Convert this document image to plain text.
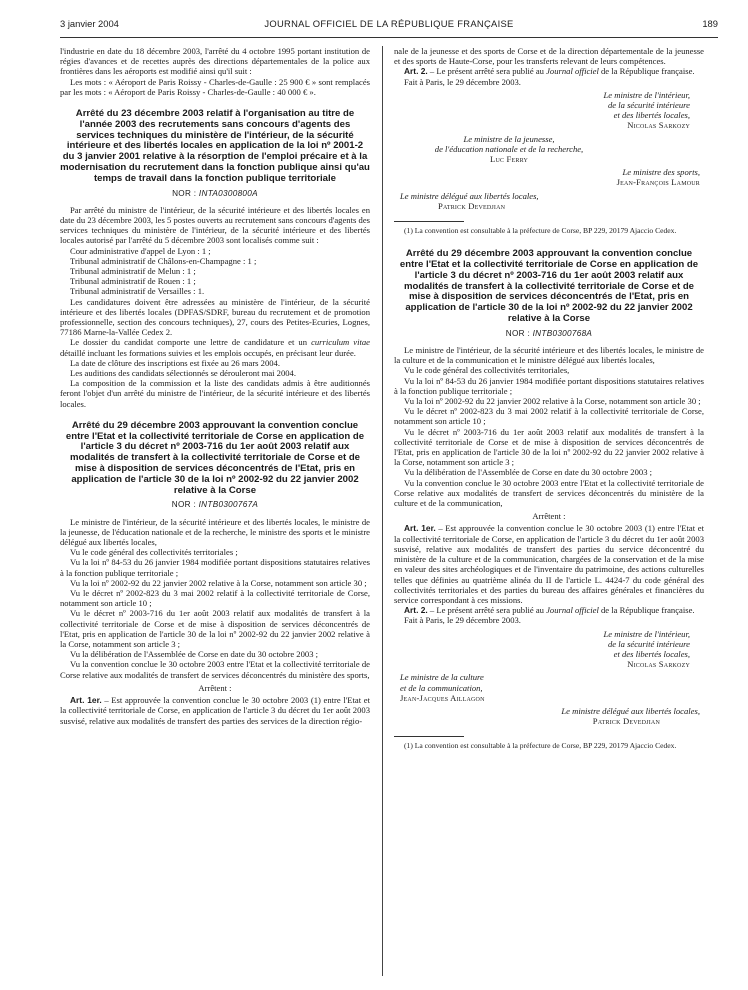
3 janvier 2004	JOURNAL OFFICIEL DE LA RÉPUBLIQUE FRANÇAISE	189

l'industrie en date du 18 décembre 2003, l'arrêté du 4 octobre 1995 portant institution de régies d'avances et de recettes auprès des directions départementales de la police aux frontières dans les aéroports est modifié ainsi qu'il suit :

Les mots : « Aéroport de Paris Roissy - Charles-de-Gaulle : 25 900 € » sont remplacés par les mots : « Aéroport de Paris Roissy - Charles-de-Gaulle : 40 000 € ».

Arrêté du 23 décembre 2003 relatif à l'organisation au titre de l'année 2003 des recrutements sans concours d'agents des services techniques du ministère de l'intérieur, de la sécurité intérieure et des libertés locales en application de la loi nº 2001-2 du 3 janvier 2001 relative à la résorption de l'emploi précaire et à la modernisation du recrutement dans la fonction publique ainsi qu'au temps de travail dans la fonction publique territoriale
NOR : INTA0300800A

Par arrêté du ministre de l'intérieur, de la sécurité intérieure et des libertés locales en date du 23 décembre 2003, les 5 postes ouverts au recrutement sans concours d'agents des services techniques du ministère de l'intérieur, de la sécurité intérieure et des libertés locales autorisé par l'arrêté du 5 décembre 2003 sont localisés comme suit :

Cour administrative d'appel de Lyon : 1 ;

Tribunal administratif de Châlons-en-Champagne : 1 ;

Tribunal administratif de Melun : 1 ;

Tribunal administratif de Rouen : 1 ;

Tribunal administratif de Versailles : 1.

Les candidatures doivent être adressées au ministère de l'intérieur, de la sécurité intérieure et des libertés locales (DPFAS/SDRF, bureau du recrutement et de promotion professionnelle, section des concours techniques), 27, cours des Petites-Ecuries, Lognes, 77186 Marne-la-Vallée Cedex 2.

Le dossier du candidat comporte une lettre de candidature et un curriculum vitae détaillé incluant les formations suivies et les emplois occupés, en précisant leur durée.

La date de clôture des inscriptions est fixée au 26 mars 2004.

Les auditions des candidats sélectionnés se dérouleront mai 2004.

La composition de la commission et la liste des candidats admis à être auditionnés feront l'objet d'un arrêté du ministre de l'intérieur, de la sécurité intérieure et des libertés locales.

Arrêté du 29 décembre 2003 approuvant la convention conclue entre l'Etat et la collectivité territoriale de Corse en application de l'article 3 du décret nº 2003-716 du 1er août 2003 relatif aux modalités de transfert à la collectivité territoriale de Corse et de mise à disposition de services déconcentrés de l'Etat, pris en application de l'article 30 de la loi nº 2002-92 du 22 janvier 2002 relative à la Corse
NOR : INTB0300767A

Le ministre de l'intérieur, de la sécurité intérieure et des libertés locales, le ministre de la jeunesse, de l'éducation nationale et de la recherche, le ministre des sports et le ministre délégué aux libertés locales,

Vu le code général des collectivités territoriales ;

Vu la loi nº 84-53 du 26 janvier 1984 modifiée portant dispositions statutaires relatives à la fonction publique territoriale ;

Vu la loi nº 2002-92 du 22 janvier 2002 relative à la Corse, notamment son article 30 ;

Vu le décret nº 2002-823 du 3 mai 2002 relatif à la collectivité territoriale de Corse, notamment son article 10 ;

Vu le décret nº 2003-716 du 1er août 2003 relatif aux modalités de transfert à la collectivité territoriale de Corse et de mise à disposition de services déconcentrés de l'Etat, pris en application de l'article 30 de la loi nº 2002-92 du 22 janvier 2002 relative à la Corse, notamment son article 3 ;

Vu la délibération de l'Assemblée de Corse en date du 30 octobre 2003 ;

Vu la convention conclue le 30 octobre 2003 entre l'Etat et la collectivité territoriale de Corse relative aux modalités de transfert de services déconcentrés du ministère des sports,

Arrêtent :

Art. 1er. – Est approuvée la convention conclue le 30 octobre 2003 (1) entre l'Etat et la collectivité territoriale de Corse, en application de l'article 3 du décret du 1er août 2003 susvisé, relative aux modalités de transfert des parties des services de la direction régio-

nale de la jeunesse et des sports de Corse et de la direction départementale de la jeunesse et des sports de Haute-Corse, pour les transferts relevant de leurs compétences.

Art. 2. – Le présent arrêté sera publié au Journal officiel de la République française.

Fait à Paris, le 29 décembre 2003.

Le ministre de l'intérieur,
de la sécurité intérieure
et des libertés locales,
Nicolas Sarkozy
Le ministre de la jeunesse,
de l'éducation nationale et de la recherche,
Luc Ferry
Le ministre des sports,
Jean-François Lamour
Le ministre délégué aux libertés locales,
Patrick Devedjian

(1) La convention est consultable à la préfecture de Corse, BP 229, 20179 Ajaccio Cedex.

Arrêté du 29 décembre 2003 approuvant la convention conclue entre l'Etat et la collectivité territoriale de Corse en application de l'article 3 du décret nº 2003-716 du 1er août 2003 relatif aux modalités de transfert à la collectivité territoriale de Corse et de mise à disposition de services déconcentrés de l'Etat, pris en application de l'article 30 de la loi nº 2002-92 du 22 janvier 2002 relative à la Corse
NOR : INTB0300768A

Le ministre de l'intérieur, de la sécurité intérieure et des libertés locales, le ministre de la culture et de la communication et le ministre délégué aux libertés locales,

Vu le code général des collectivités territoriales,

Vu la loi nº 84-53 du 26 janvier 1984 modifiée portant dispositions statutaires relatives à la fonction publique territoriale ;

Vu la loi nº 2002-92 du 22 janvier 2002 relative à la Corse, notamment son article 30 ;

Vu le décret nº 2002-823 du 3 mai 2002 relatif à la collectivité territoriale de Corse, notamment son article 10 ;

Vu le décret nº 2003-716 du 1er août 2003 relatif aux modalités de transfert à la collectivité territoriale de Corse et de mise à disposition de services déconcentrés de l'Etat, pris en application de l'article 30 de la loi nº 2002-92 du 22 janvier 2002 relative à la Corse, notamment son article 3 ;

Vu la délibération de l'Assemblée de Corse en date du 30 octobre 2003 ;

Vu la convention conclue le 30 octobre 2003 entre l'Etat et la collectivité territoriale de Corse relative aux modalités de transfert de services déconcentrés du ministère de la culture et de la communication,

Arrêtent :

Art. 1er. – Est approuvée la convention conclue le 30 octobre 2003 (1) entre l'Etat et la collectivité territoriale de Corse, en application de l'article 3 du décret du 1er août 2003 susvisé, relative aux modalités de transfert des parties du service déconcentré du ministère de la culture et de la communication, chargées de la conservation et de la mise en valeur des sites archéologiques et de l'inventaire du patrimoine, des actions culturelles telles que définies au quatrième alinéa du II de l'article L. 4424-7 du code général des collectivités territoriales et des parties du bureau des affaires générales et financières du service correspondant à ces missions.

Art. 2. – Le présent arrêté sera publié au Journal officiel de la République française.

Fait à Paris, le 29 décembre 2003.

Le ministre de l'intérieur,
de la sécurité intérieure
et des libertés locales,
Nicolas Sarkozy
Le ministre de la culture
et de la communication,
Jean-Jacques Aillagon
Le ministre délégué aux libertés locales,
Patrick Devedjian

(1) La convention est consultable à la préfecture de Corse, BP 229, 20179 Ajaccio Cedex.
